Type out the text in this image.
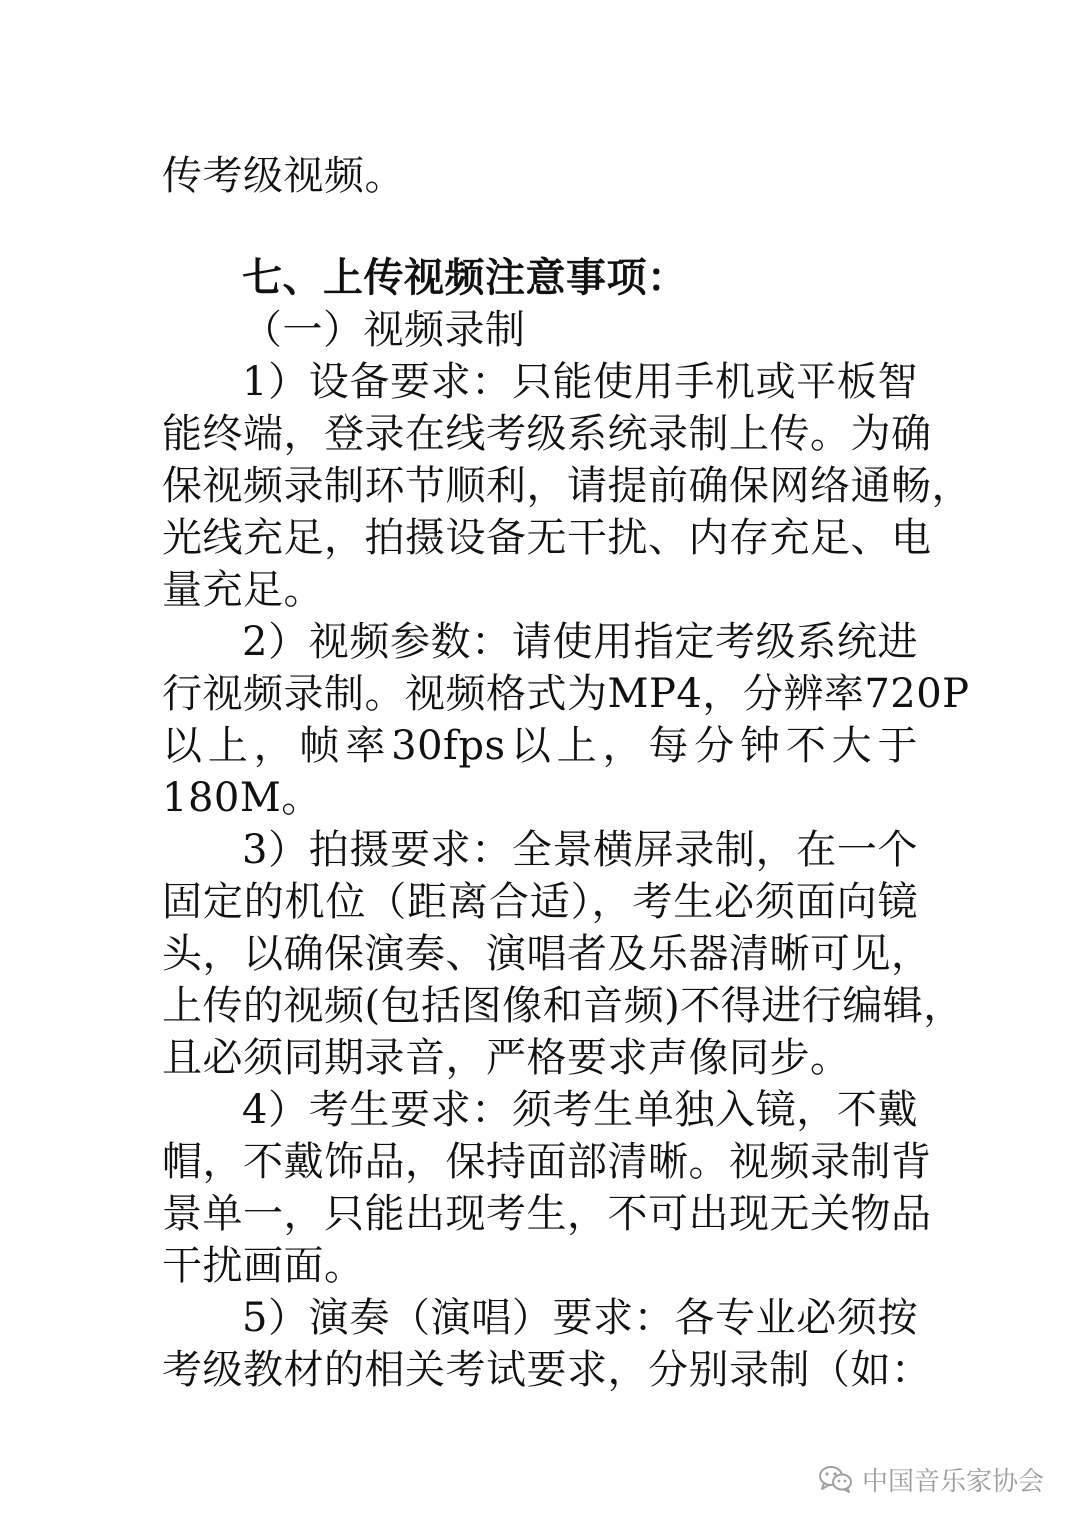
传考级视频。
七、上传视频注意事项：
（一）视频录制
1）设备要求：只能使用手机或平板智
能终端，登录在线考级系统录制上传。为确
保视频录制环节顺利，请提前确保网络通畅，
光线充足，拍摄设备无干扰、内存充足、电
量充足。
2）视频参数：请使用指定考级系统进
行视频录制。视频格式为MP4，分辨率720P
以上，帧率30fps以上，每分钟不大于
180M。
3）拍摄要求：全景横屏录制，在一个
固定的机位（距离合适），考生必须面向镜
头，以确保演奏、演唱者及乐器清晰可见，
上传的视频(包括图像和音频)不得进行编辑，
且必须同期录音，严格要求声像同步。
4）考生要求：须考生单独入镜，不戴
帽，不戴饰品，保持面部清晰。视频录制背
景单一，只能出现考生，不可出现无关物品
干扰画面。
5）演奏（演唱）要求：各专业必须按
考级教材的相关考试要求，分别录制（如：
中国音乐家协会
